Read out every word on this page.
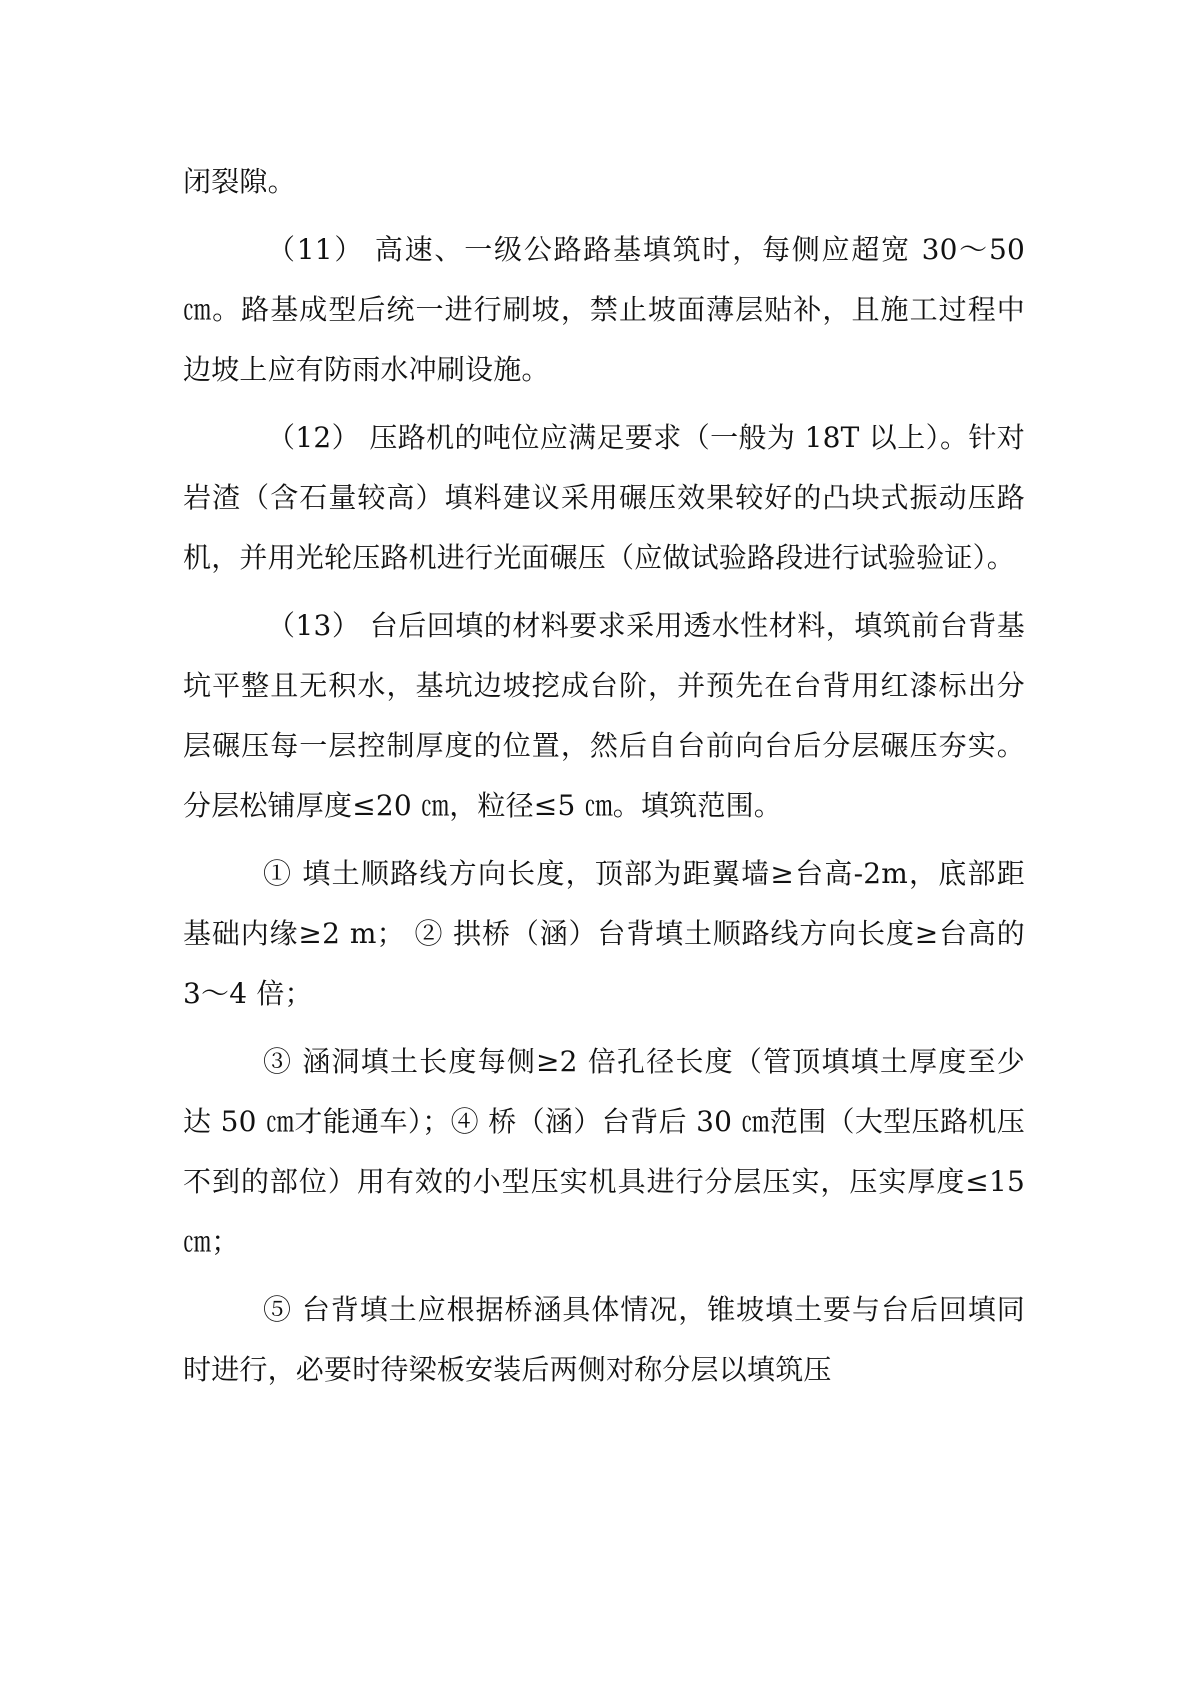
闭裂隙。

（11） 高速、一级公路路基填筑时，每侧应超宽 30～50 ㎝。路基成型后统一进行刷坡，禁止坡面薄层贴补，且施工过程中边坡上应有防雨水冲刷设施。

（12） 压路机的吨位应满足要求（一般为 18T 以上）。针对岩渣（含石量较高）填料建议采用碾压效果较好的凸块式振动压路机，并用光轮压路机进行光面碾压（应做试验路段进行试验验证）。

（13） 台后回填的材料要求采用透水性材料，填筑前台背基坑平整且无积水，基坑边坡挖成台阶，并预先在台背用红漆标出分层碾压每一层控制厚度的位置，然后自台前向台后分层碾压夯实。分层松铺厚度≤20 ㎝，粒径≤5 ㎝。填筑范围。

① 填土顺路线方向长度，顶部为距翼墙≥台高-2m，底部距基础内缘≥2 m； ② 拱桥（涵）台背填土顺路线方向长度≥台高的 3～4 倍；

③ 涵洞填土长度每侧≥2 倍孔径长度（管顶填填土厚度至少达 50 ㎝才能通车）；④ 桥（涵）台背后 30 ㎝范围（大型压路机压不到的部位）用有效的小型压实机具进行分层压实，压实厚度≤15 ㎝；

⑤ 台背填土应根据桥涵具体情况，锥坡填土要与台后回填同时进行，必要时待梁板安装后两侧对称分层以填筑压
